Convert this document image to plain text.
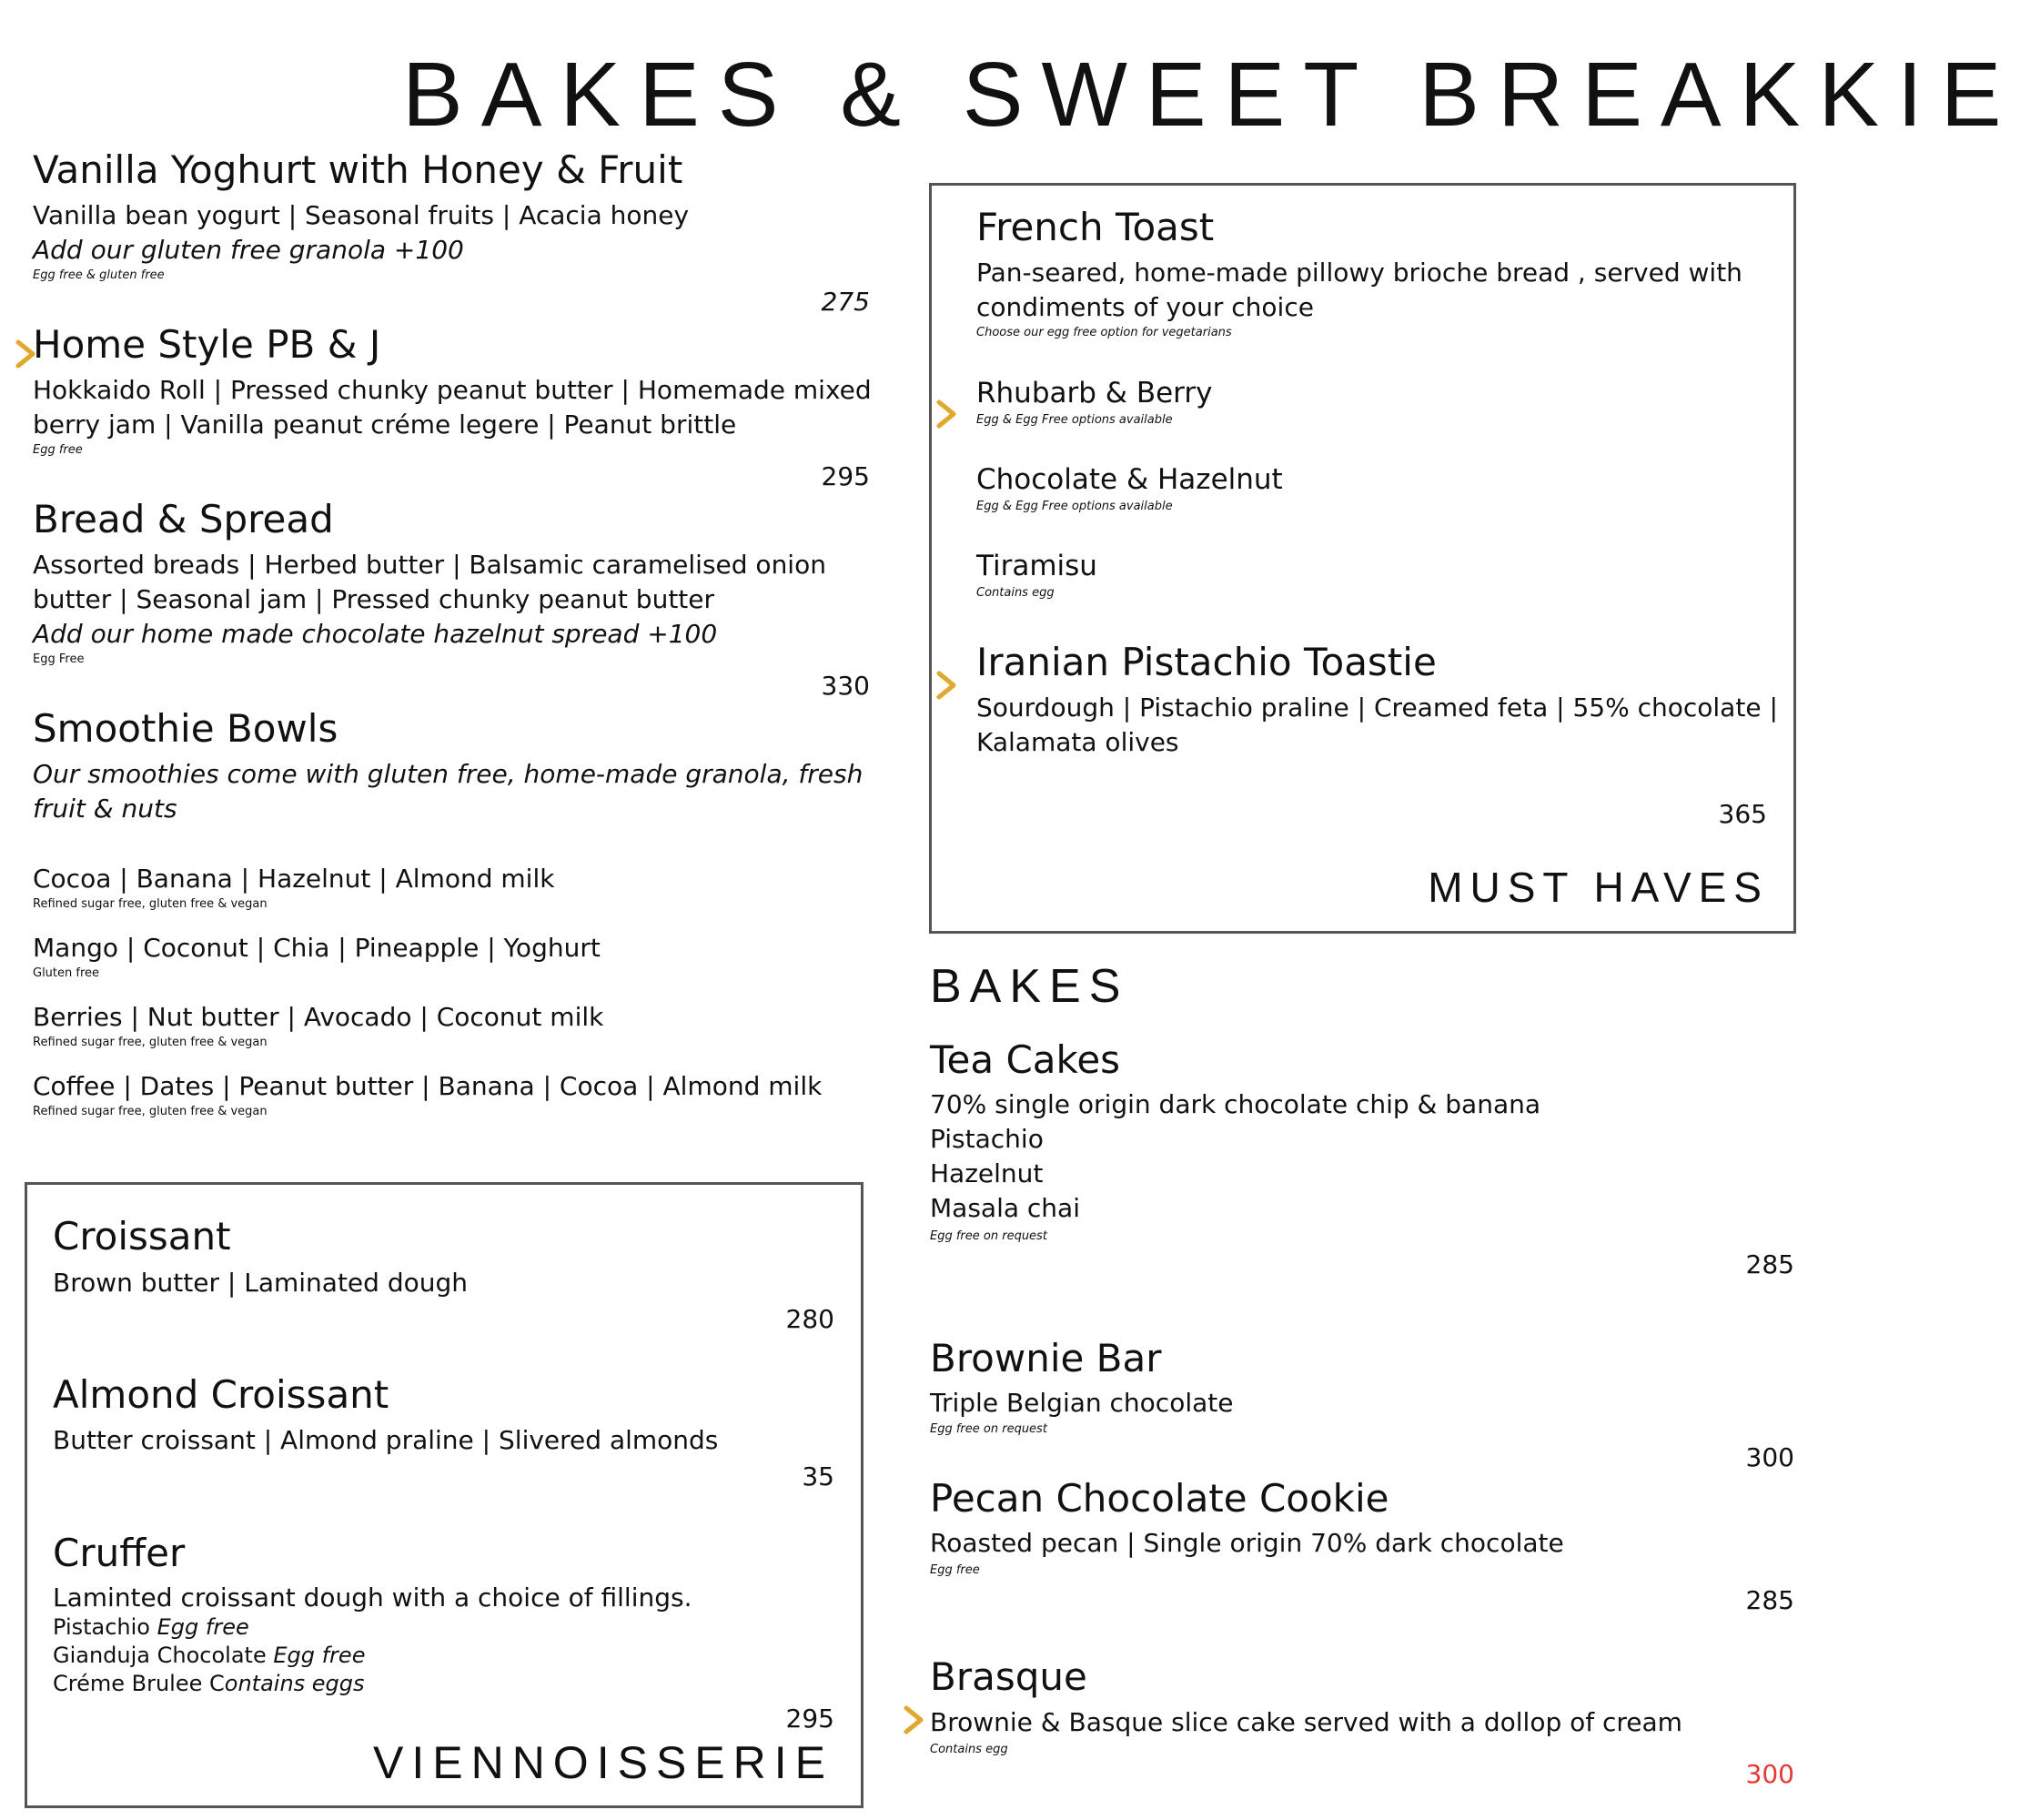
BAKES & SWEET BREAKKIE
Vanilla Yoghurt with Honey & Fruit
Vanilla bean yogurt | Seasonal fruits | Acacia honey
Add our gluten free granola +100
Egg free & gluten free
275
Home Style PB & J
Hokkaido Roll | Pressed chunky peanut butter | Homemade mixed
berry jam | Vanilla peanut créme legere | Peanut brittle
Egg free
295
Bread & Spread
Assorted breads | Herbed butter | Balsamic caramelised onion
butter | Seasonal jam | Pressed chunky peanut butter
Add our home made chocolate hazelnut spread +100
Egg Free
330
Smoothie Bowls
Our smoothies come with gluten free, home-made granola, fresh
fruit & nuts
Cocoa | Banana | Hazelnut | Almond milk
Refined sugar free, gluten free & vegan
Mango | Coconut | Chia | Pineapple | Yoghurt
Gluten free
Berries | Nut butter | Avocado | Coconut milk
Refined sugar free, gluten free & vegan
Coffee | Dates | Peanut butter | Banana | Cocoa | Almond milk
Refined sugar free, gluten free & vegan
French Toast
Pan-seared, home-made pillowy brioche bread , served with
condiments of your choice
Choose our egg free option for vegetarians
Rhubarb & Berry
Egg & Egg Free options available
Chocolate & Hazelnut
Egg & Egg Free options available
Tiramisu
Contains egg
Iranian Pistachio Toastie
Sourdough | Pistachio praline | Creamed feta | 55% chocolate |
Kalamata olives
365
MUST HAVES
BAKES
Tea Cakes
70% single origin dark chocolate chip & banana
Pistachio
Hazelnut
Masala chai
Egg free on request
285
Brownie Bar
Triple Belgian chocolate
Egg free on request
300
Pecan Chocolate Cookie
Roasted pecan | Single origin 70% dark chocolate
Egg free
285
Brasque
Brownie & Basque slice cake served with a dollop of cream
Contains egg
300
Croissant
Brown butter | Laminated dough
280
Almond Croissant
Butter croissant | Almond praline | Slivered almonds
35
Cruffer
Laminted croissant dough with a choice of fillings.
Pistachio Egg free
Gianduja Chocolate Egg free
Créme Brulee Contains eggs
295
VIENNOISSERIE
